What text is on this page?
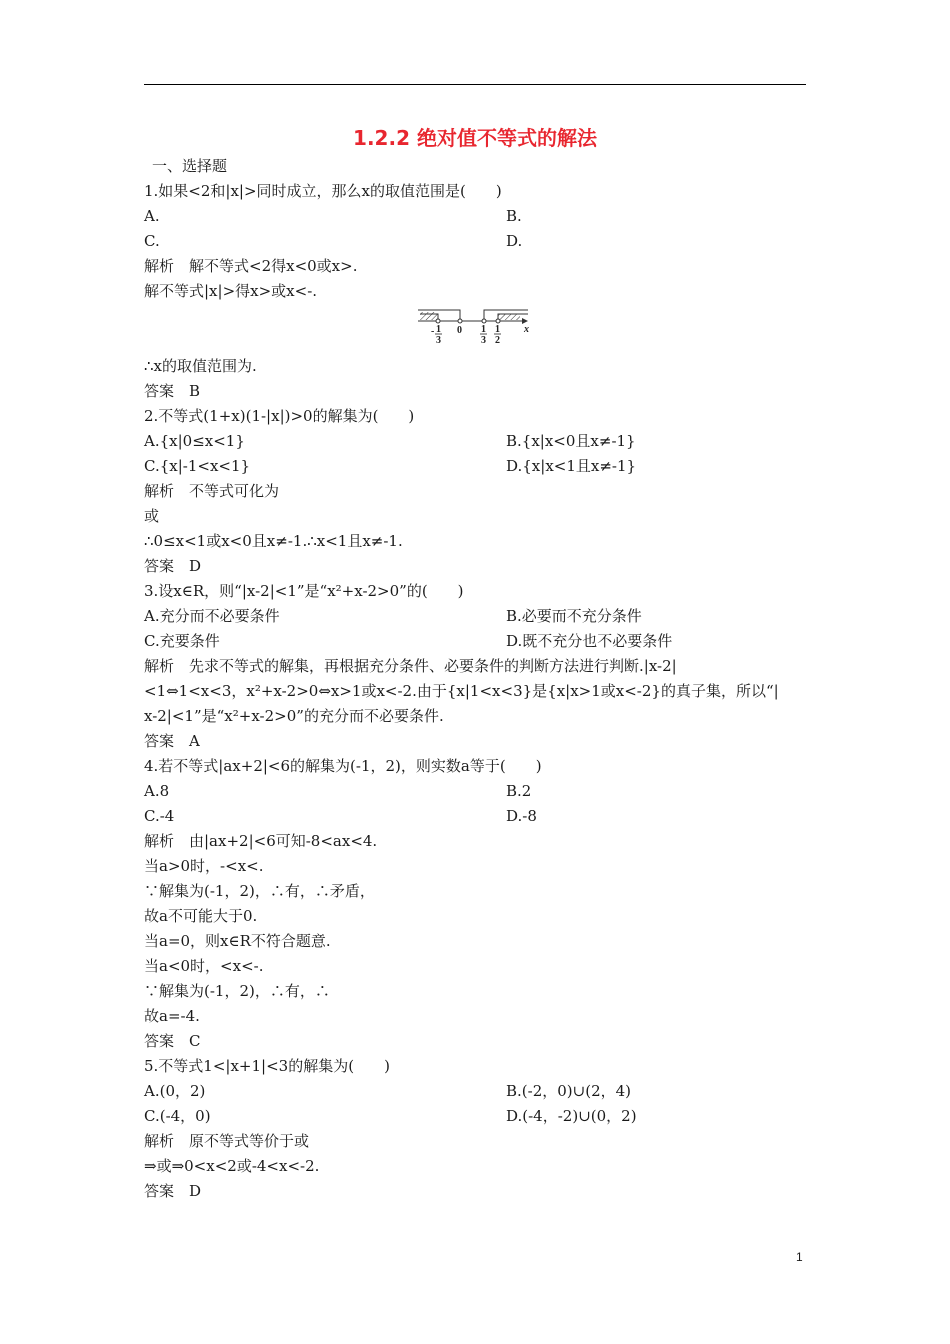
1.2.2 绝对值不等式的解法
一、选择题
1.如果<2和|x|>同时成立，那么x的取值范围是(　　)
A.	B.
C.	D.
解析　解不等式<2得x<0或x>.
解不等式|x|>得x>或x<-.
∴x的取值范围为.
答案　B
2.不等式(1+x)(1-|x|)>0的解集为(　　)
A.{x|0≤x<1}	B.{x|x<0且x≠-1}
C.{x|-1<x<1}	D.{x|x<1且x≠-1}
解析　不等式可化为
或
∴0≤x<1或x<0且x≠-1.∴x<1且x≠-1.
答案　D
3.设x∈R，则“|x-2|<1”是“x²+x-2>0”的(　　)
A.充分而不必要条件	B.必要而不充分条件
C.充要条件	D.既不充分也不必要条件
解析　先求不等式的解集，再根据充分条件、必要条件的判断方法进行判断.|x-2|
<1⇔1<x<3，x²+x-2>0⇔x>1或x<-2.由于{x|1<x<3}是{x|x>1或x<-2}的真子集，所以“|
x-2|<1”是“x²+x-2>0”的充分而不必要条件.
答案　A
4.若不等式|ax+2|<6的解集为(-1，2)，则实数a等于(　　)
A.8	B.2
C.-4	D.-8
解析　由|ax+2|<6可知-8<ax<4.
当a>0时，-<x<.
∵解集为(-1，2)，∴有，∴矛盾，
故a不可能大于0.
当a=0，则x∈R不符合题意.
当a<0时，<x<-.
∵解集为(-1，2)，∴有，∴
故a=-4.
答案　C
5.不等式1<|x+1|<3的解集为(　　)
A.(0，2)	B.(-2，0)∪(2，4)
C.(-4，0)	D.(-4，-2)∪(0，2)
解析　原不等式等价于或
⇒或⇒0<x<2或-4<x<-2.
答案　D
- 1
3
0 1
3
1
2
x
1
